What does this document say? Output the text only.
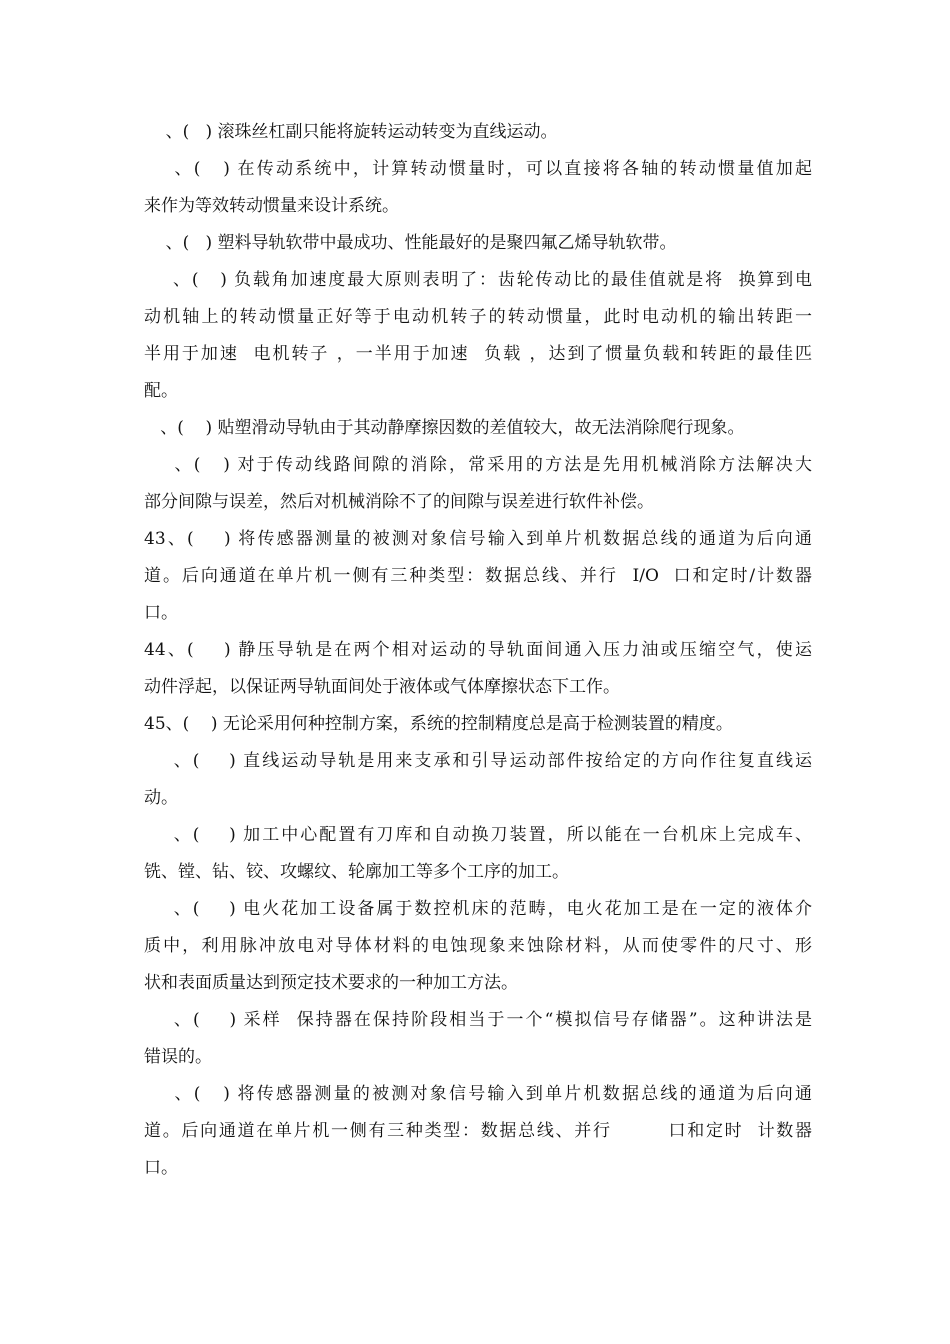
、(   ) 滚珠丝杠副只能将旋转运动转变为直线运动。

、(   ) 在传动系统中，计算转动惯量时，可以直接将各轴的转动惯量值加起
来作为等效转动惯量来设计系统。

、(   ) 塑料导轨软带中最成功、性能最好的是聚四氟乙烯导轨软带。

、(   ) 负载角加速度最大原则表明了：齿轮传动比的最佳值就是将  换算到电
动机轴上的转动惯量正好等于电动机转子的转动惯量，此时电动机的输出转距一
半用于加速  电机转子 ，一半用于加速  负载 ，达到了惯量负载和转距的最佳匹
配。

、(    ) 贴塑滑动导轨由于其动静摩擦因数的差值较大，故无法消除爬行现象。

、(   ) 对于传动线路间隙的消除，常采用的方法是先用机械消除方法解决大
部分间隙与误差，然后对机械消除不了的间隙与误差进行软件补偿。

43、(    ) 将传感器测量的被测对象信号输入到单片机数据总线的通道为后向通
道。后向通道在单片机一侧有三种类型：数据总线、并行  I/O  口和定时/计数器
口。

44、(    ) 静压导轨是在两个相对运动的导轨面间通入压力油或压缩空气，使运
动件浮起，以保证两导轨面间处于液体或气体摩擦状态下工作。

45、(    ) 无论采用何种控制方案，系统的控制精度总是高于检测装置的精度。

、(    ) 直线运动导轨是用来支承和引导运动部件按给定的方向作往复直线运
动。

、(    ) 加工中心配置有刀库和自动换刀装置，所以能在一台机床上完成车、
铣、镗、钻、铰、攻螺纹、轮廓加工等多个工序的加工。

、(    ) 电火花加工设备属于数控机床的范畴，电火花加工是在一定的液体介
质中，利用脉冲放电对导体材料的电蚀现象来蚀除材料，从而使零件的尺寸、形
状和表面质量达到预定技术要求的一种加工方法。

、(    ) 采样  保持器在保持阶段相当于一个“模拟信号存储器”。这种讲法是
错误的。

、(   ) 将传感器测量的被测对象信号输入到单片机数据总线的通道为后向通
道。后向通道在单片机一侧有三种类型：数据总线、并行        口和定时  计数器
口。
